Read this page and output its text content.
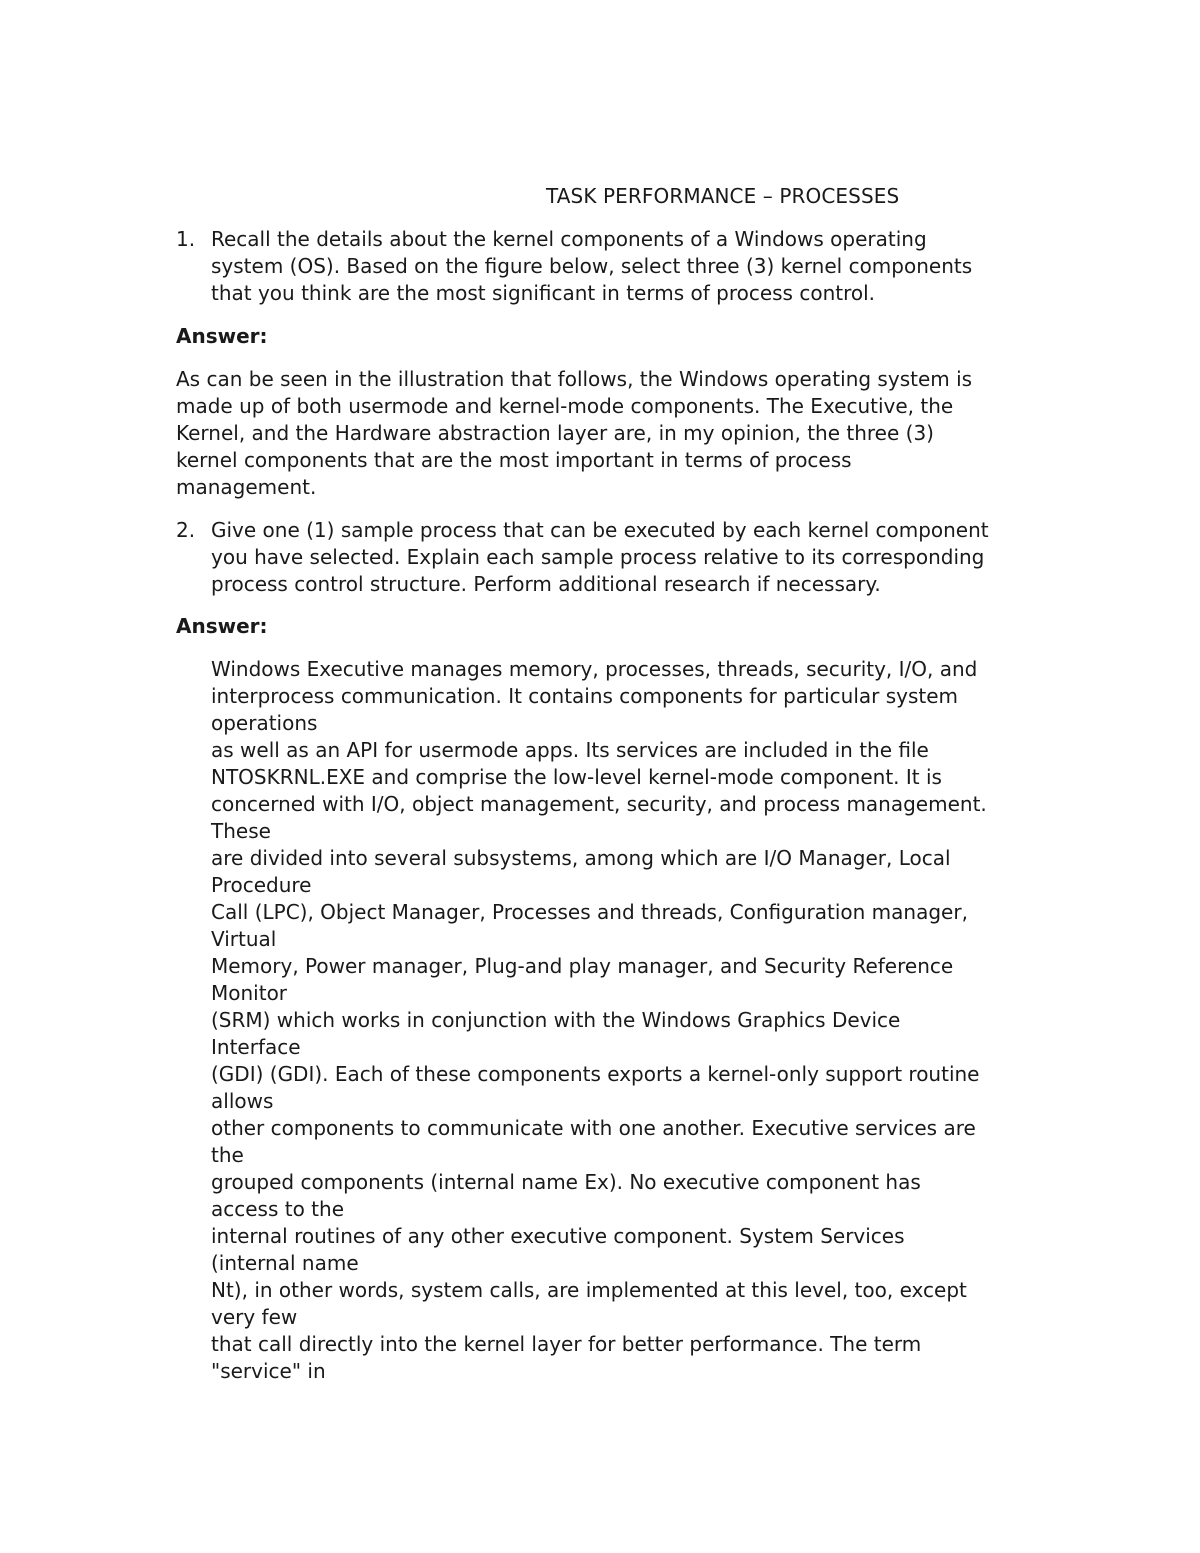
TASK PERFORMANCE – PROCESSES
1. Recall the details about the kernel components of a Windows operating
system (OS). Based on the figure below, select three (3) kernel components
that you think are the most significant in terms of process control.
Answer:
As can be seen in the illustration that follows, the Windows operating system is
made up of both usermode and kernel-mode components. The Executive, the
Kernel, and the Hardware abstraction layer are, in my opinion, the three (3)
kernel components that are the most important in terms of process
management.
2. Give one (1) sample process that can be executed by each kernel component
you have selected. Explain each sample process relative to its corresponding
process control structure. Perform additional research if necessary.
Answer:
Windows Executive manages memory, processes, threads, security, I/O, and
interprocess communication. It contains components for particular system
operations
as well as an API for usermode apps. Its services are included in the file
NTOSKRNL.EXE and comprise the low-level kernel-mode component. It is
concerned with I/O, object management, security, and process management.
These
are divided into several subsystems, among which are I/O Manager, Local
Procedure
Call (LPC), Object Manager, Processes and threads, Configuration manager,
Virtual
Memory, Power manager, Plug-and play manager, and Security Reference
Monitor
(SRM) which works in conjunction with the Windows Graphics Device
Interface
(GDI) (GDI). Each of these components exports a kernel-only support routine
allows
other components to communicate with one another. Executive services are
the
grouped components (internal name Ex). No executive component has
access to the
internal routines of any other executive component. System Services
(internal name
Nt), in other words, system calls, are implemented at this level, too, except
very few
that call directly into the kernel layer for better performance. The term
"service" in
